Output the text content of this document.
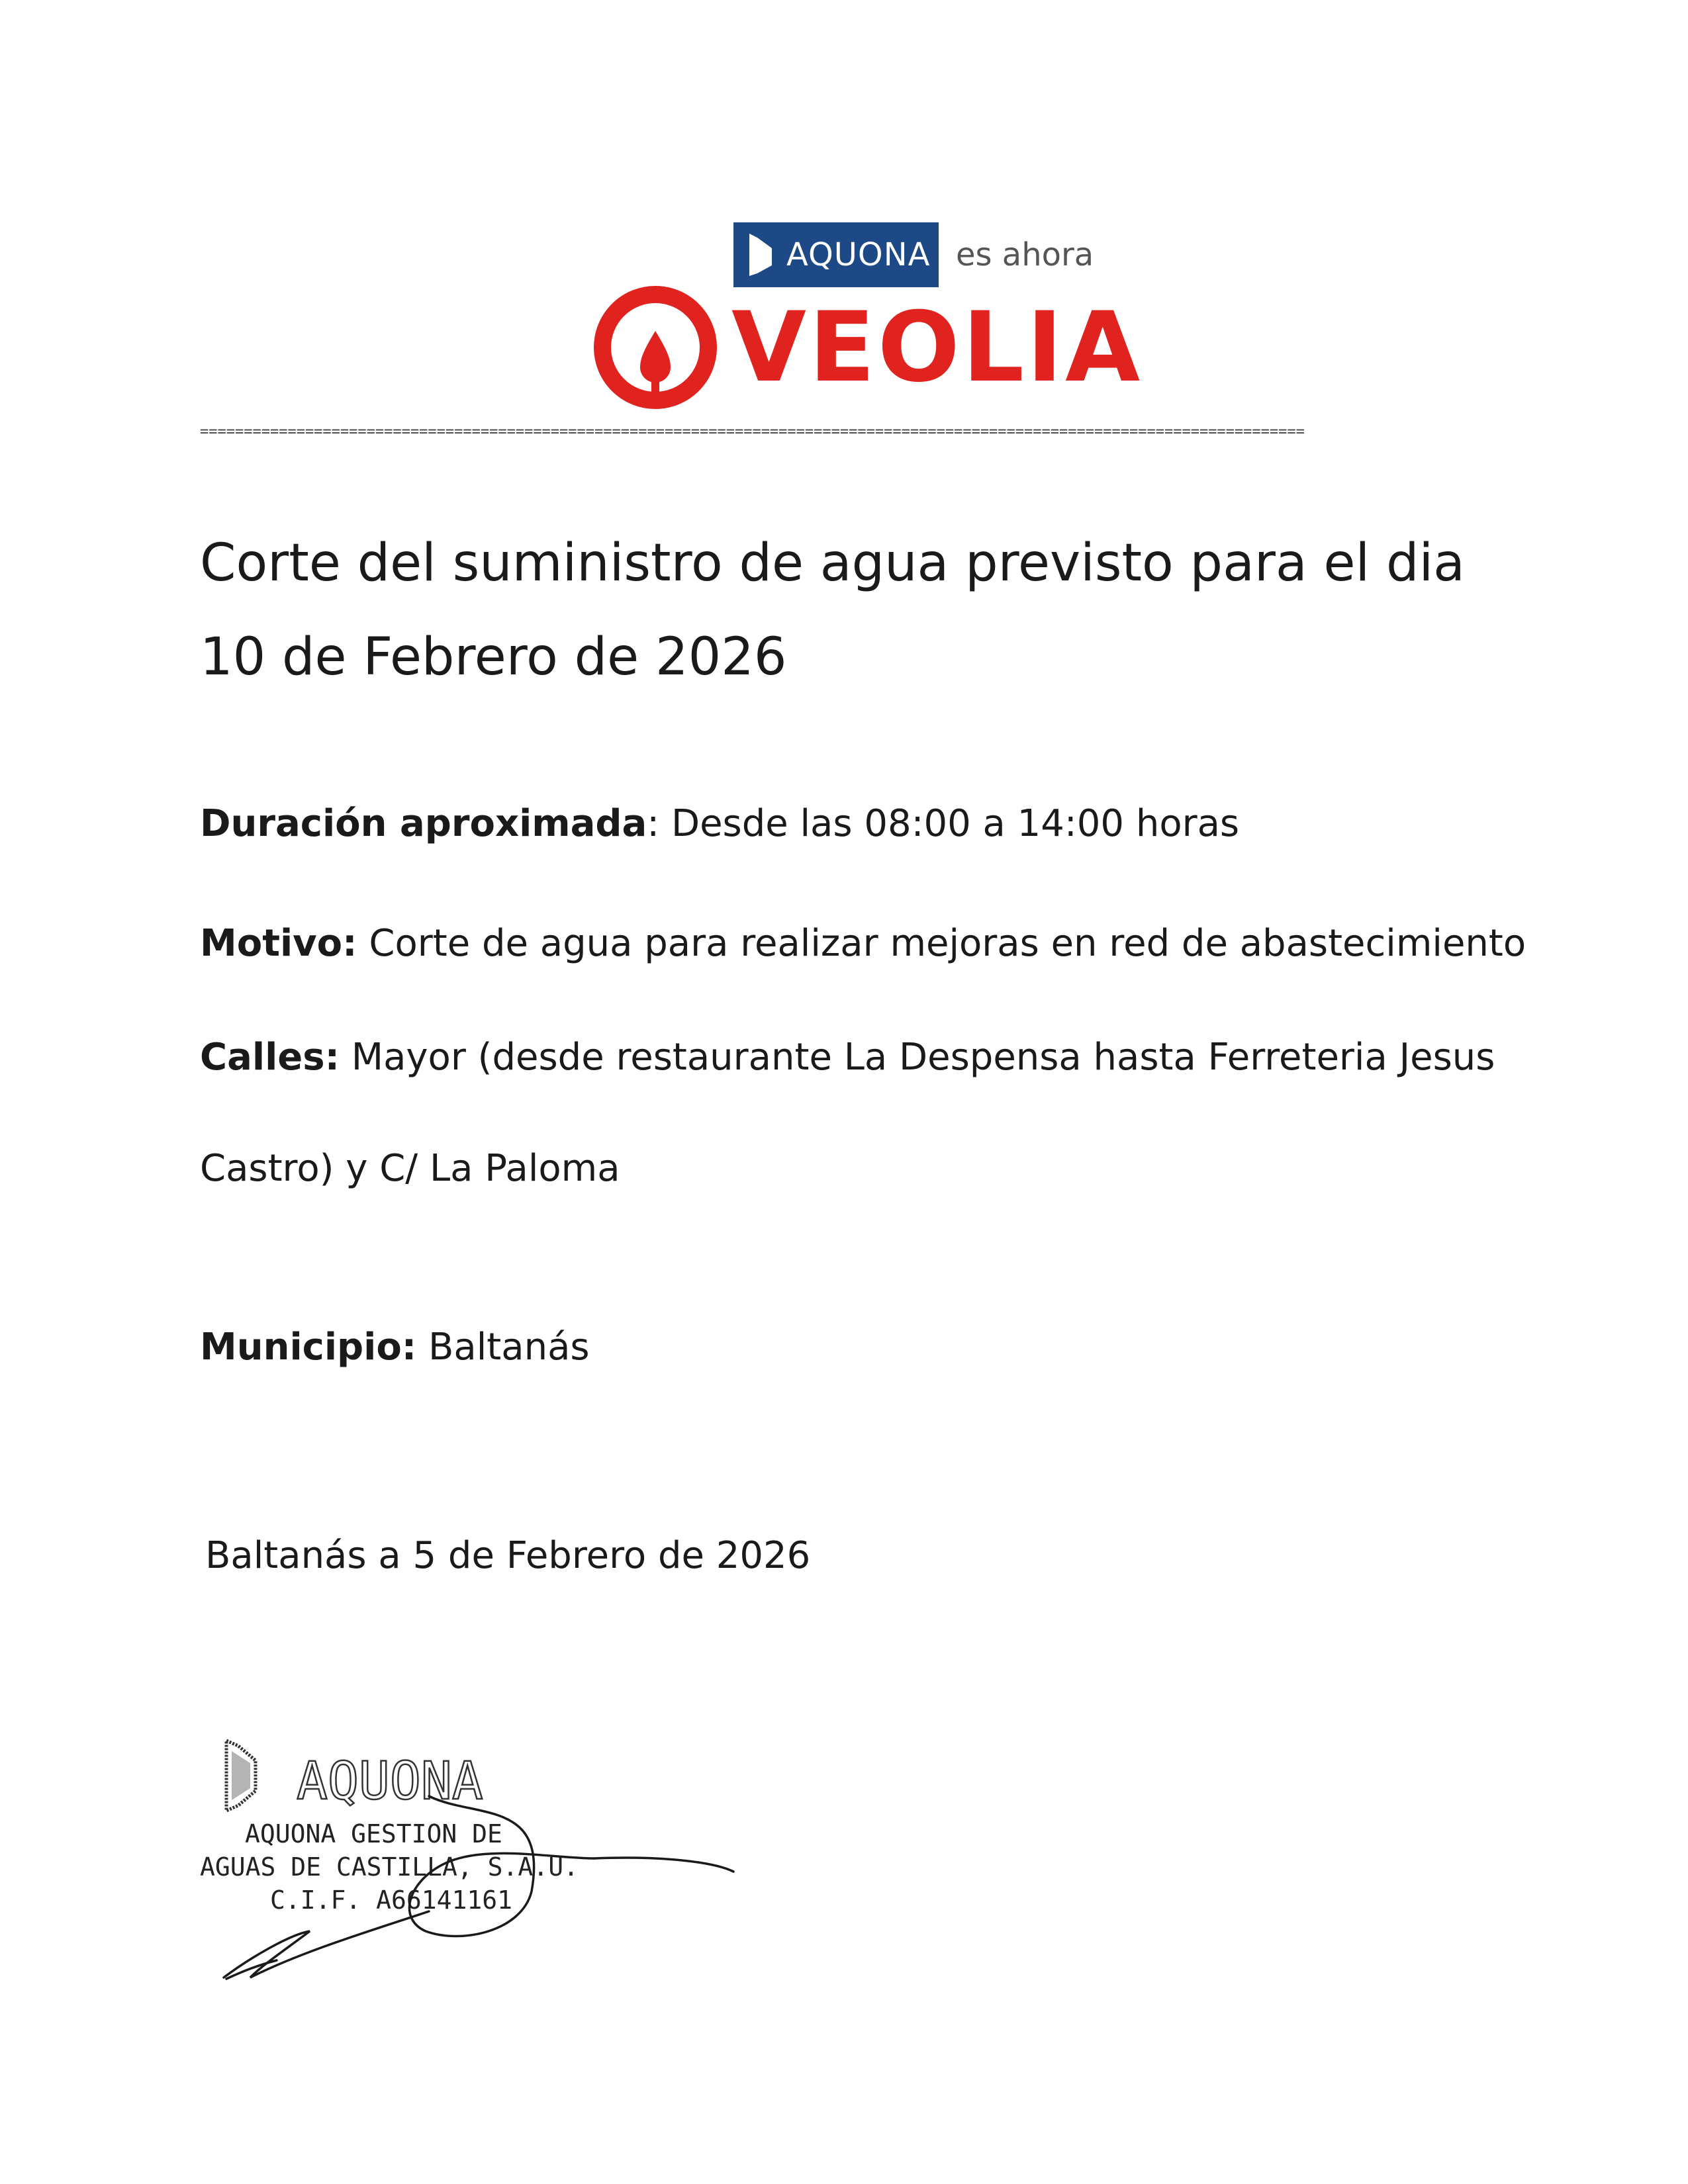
AQUONA es ahora
VEOLIA
==============================================================================================================================
Corte del suministro de agua previsto para el dia 10 de Febrero de 2026
Duración aproximada: Desde las 08:00 a 14:00 horas
Motivo: Corte de agua para realizar mejoras en red de abastecimiento
Calles: Mayor (desde restaurante La Despensa hasta Ferreteria Jesus
Castro) y C/ La Paloma
Municipio: Baltanás
Baltanás a 5 de Febrero de 2026
AQUONA
AQUONA GESTION DE
AGUAS DE CASTILLA, S.A.U.
C.I.F. A66141161
